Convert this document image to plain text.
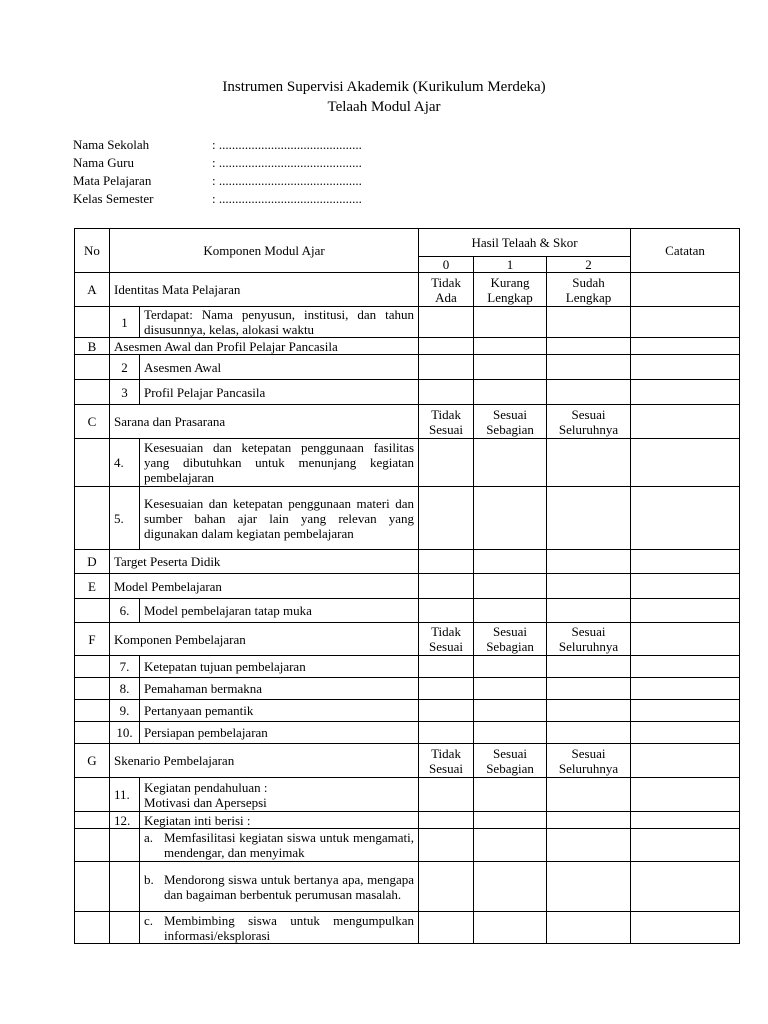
Instrumen Supervisi Akademik (Kurikulum Merdeka)
Telaah Modul Ajar
Nama Sekolah	: ............................................
Nama Guru	: ............................................
Mata Pelajaran	: ............................................
Kelas Semester	: ............................................
No	Komponen Modul Ajar		Hasil Telaah & Skor			Catatan
			0	1	2	
A	Identitas Mata Pelajaran		Tidak Ada	Kurang Lengkap	Sudah Lengkap	
	1	Terdapat: Nama penyusun, institusi, dan tahun disusunnya, kelas, alokasi waktu				
B	Asesmen Awal dan Profil Pelajar Pancasila					
	2	Asesmen Awal				
	3	Profil Pelajar Pancasila				
C	Sarana dan Prasarana		Tidak Sesuai	Sesuai Sebagian	Sesuai Seluruhnya	
	4.	Kesesuaian dan ketepatan penggunaan fasilitas yang dibutuhkan untuk menunjang kegiatan pembelajaran				
	5.	Kesesuaian dan ketepatan penggunaan materi dan sumber bahan ajar lain yang relevan yang digunakan dalam kegiatan pembelajaran				
D	Target Peserta Didik					
E	Model Pembelajaran					
	6.	Model pembelajaran tatap muka				
F	Komponen Pembelajaran		Tidak Sesuai	Sesuai Sebagian	Sesuai Seluruhnya	
	7.	Ketepatan tujuan pembelajaran				
	8.	Pemahaman bermakna				
	9.	Pertanyaan pemantik				
	10.	Persiapan pembelajaran				
G	Skenario Pembelajaran		Tidak Sesuai	Sesuai Sebagian	Sesuai Seluruhnya	
	11.	Kegiatan pendahuluan :
Motivasi dan Apersepsi				

	12.	Kegiatan inti berisi :				

		a. Memfasilitasi kegiatan siswa untuk mengamati, mendengar, dan menyimak				

		b. Mendorong siswa untuk bertanya apa, mengapa dan bagaiman berbentuk perumusan masalah.				

		c. Membimbing siswa untuk mengumpulkan informasi/eksplorasi				
